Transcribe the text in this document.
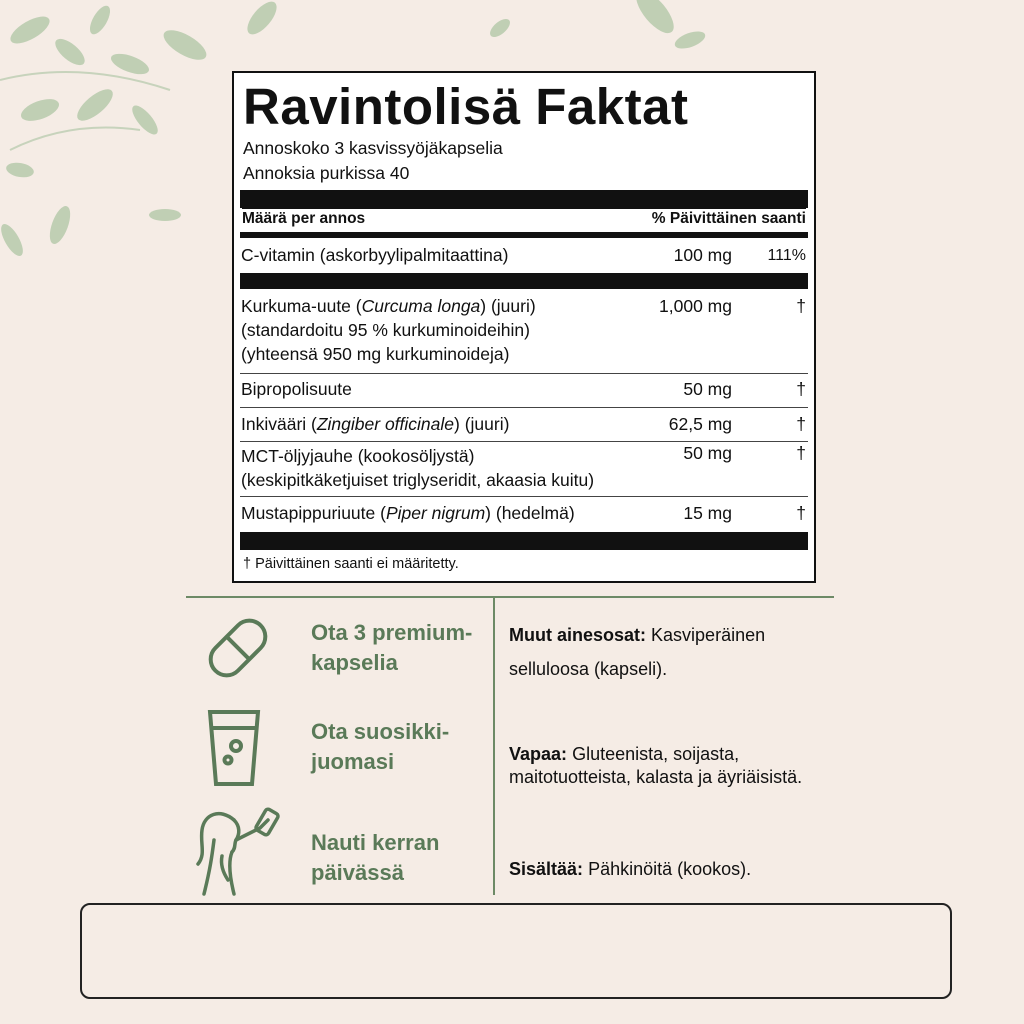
Ravintolisä Faktat
Annoskoko 3 kasvissyöjäkapselia
Annoksia purkissa 40
Määrä per annos	% Päivittäinen saanti
C-vitamin (askorbyylipalmitaattina)	100 mg 111%
Kurkuma-uute (Curcuma longa) (juuri)
(standardoitu 95 % kurkuminoideihin)
(yhteensä 950 mg kurkuminoideja)
1,000 mg	†
Bipropolisuute	50 mg	†
Inkivääri (Zingiber officinale) (juuri)	62,5 mg	†
MCT-öljyjauhe (kookosöljystä)
(keskipitkäketjuiset triglyseridit, akaasia kuitu)
50 mg	†
Mustapippuriuute (Piper nigrum) (hedelmä)	15 mg	†
† Päivittäinen saanti ei määritetty.
Ota 3 premium-kapselia
Ota suosikki-juomasi
Nauti kerran päivässä
Muut ainesosat: Kasviperäinen selluloosa (kapseli).
Vapaa: Gluteenista, soijasta, maitotuotteista, kalasta ja äyriäisistä.
Sisältää: Pähkinöitä (kookos).
